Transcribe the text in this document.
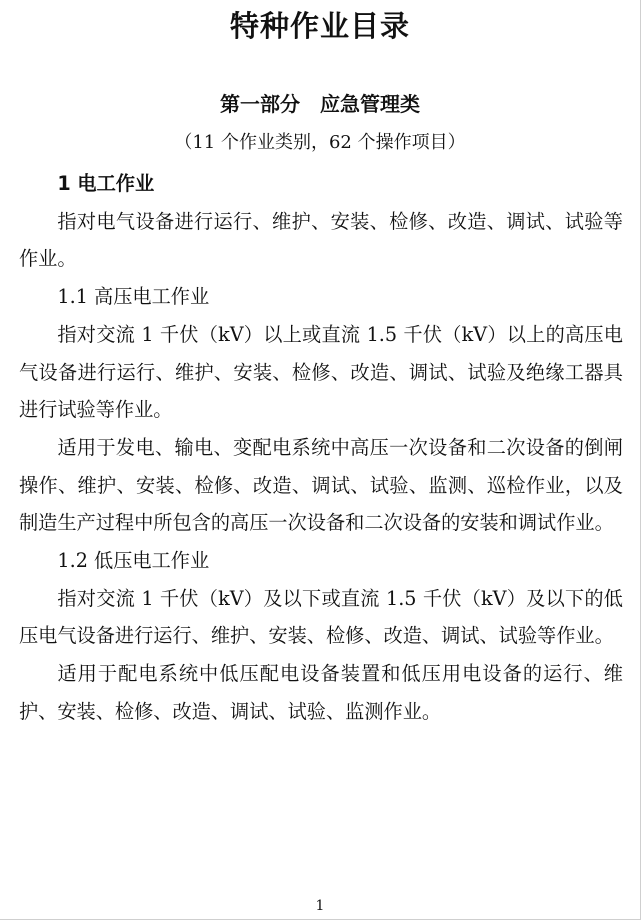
特种作业目录
第一部分　应急管理类
（11 个作业类别，62 个操作项目）

1 电工作业

指对电气设备进行运行、维护、安装、检修、改造、调试、试验等作业。

1.1 高压电工作业

指对交流 1 千伏（kV）以上或直流 1.5 千伏（kV）以上的高压电气设备进行运行、维护、安装、检修、改造、调试、试验及绝缘工器具进行试验等作业。

适用于发电、输电、变配电系统中高压一次设备和二次设备的倒闸操作、维护、安装、检修、改造、调试、试验、监测、巡检作业，以及制造生产过程中所包含的高压一次设备和二次设备的安装和调试作业。

1.2 低压电工作业

指对交流 1 千伏（kV）及以下或直流 1.5 千伏（kV）及以下的低压电气设备进行运行、维护、安装、检修、改造、调试、试验等作业。

适用于配电系统中低压配电设备装置和低压用电设备的运行、维护、安装、检修、改造、调试、试验、监测作业。

1
